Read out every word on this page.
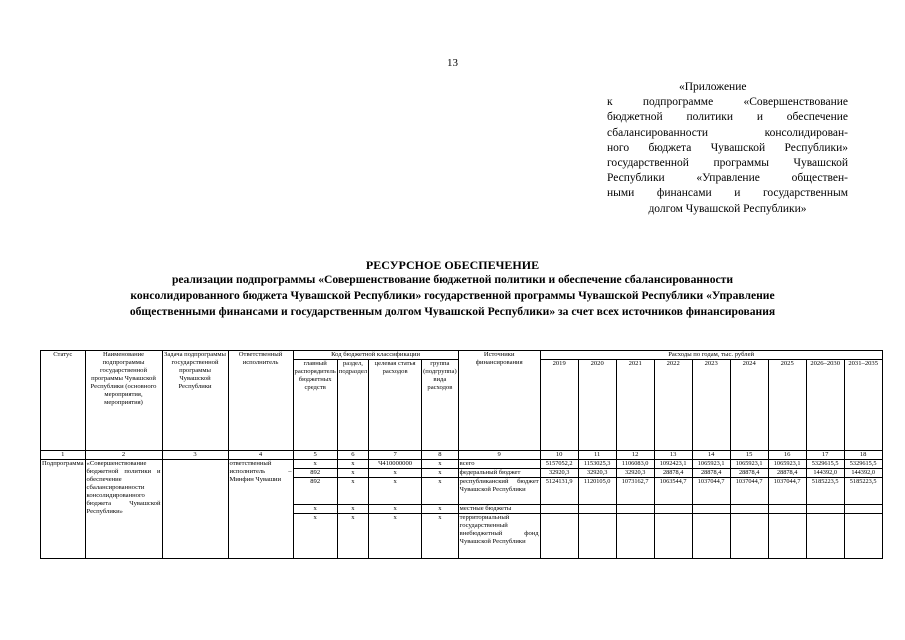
13
«Приложение
к подпрограмме «Совершенствование
бюджетной политики и обеспечение
сбалансированности консолидирован-
ного бюджета Чувашской Республики»
государственной программы Чувашской
Республики «Управление обществен-
ными финансами и государственным
долгом Чувашской Республики»
РЕСУРСНОЕ ОБЕСПЕЧЕНИЕ
реализации подпрограммы «Совершенствование бюджетной политики и обеспечение сбалансированности
консолидированного бюджета Чувашской Республики» государственной программы Чувашской Республики «Управление
общественными финансами и государственным долгом Чувашской Республики» за счет всех источников финансирования
Статус	Наименование подпрограммы государственной программы Чувашской Республики (основного мероприятия, мероприятия)	Задача подпрограммы государственной программы Чувашской Республики	Ответственный исполнитель	Код бюджетной классификации				Источники финансирования	Расходы по годам, тыс. рублей								
				главный распорядитель бюджетных средств	раздел, подраздел	целевая статья расходов	группа (подгруппа) вида расходов		2019	2020	2021	2022	2023	2024	2025	2026–2030	2031–2035
1	2	3	4	5	6	7	8	9	10	11	12	13	14	15	16	17	18
Подпрограмма	«Совершенствование бюджетной политики и обеспечение сбалансированности консолидированного бюджета Чувашской Республики»		ответственный исполнитель – Минфин Чувашии	х	х	Ч410000000	х	всего	5157052,2	1153025,3	1106083,0	1092423,1	1065923,1	1065923,1	1065923,1	5329615,5	5329615,5
				892	х	х	х	федеральный бюджет	32920,3	32920,3	32920,3	28878,4	28878,4	28878,4	28878,4	144392,0	144392,0
				892	х	х	х	республиканский бюджет Чувашской Республики	5124131,9	1120105,0	1073162,7	1063544,7	1037044,7	1037044,7	1037044,7	5185223,5	5185223,5
				х	х	х	х	местные бюджеты									
				х	х	х	х	территориальный государственный внебюджетный фонд Чувашской Республики									
